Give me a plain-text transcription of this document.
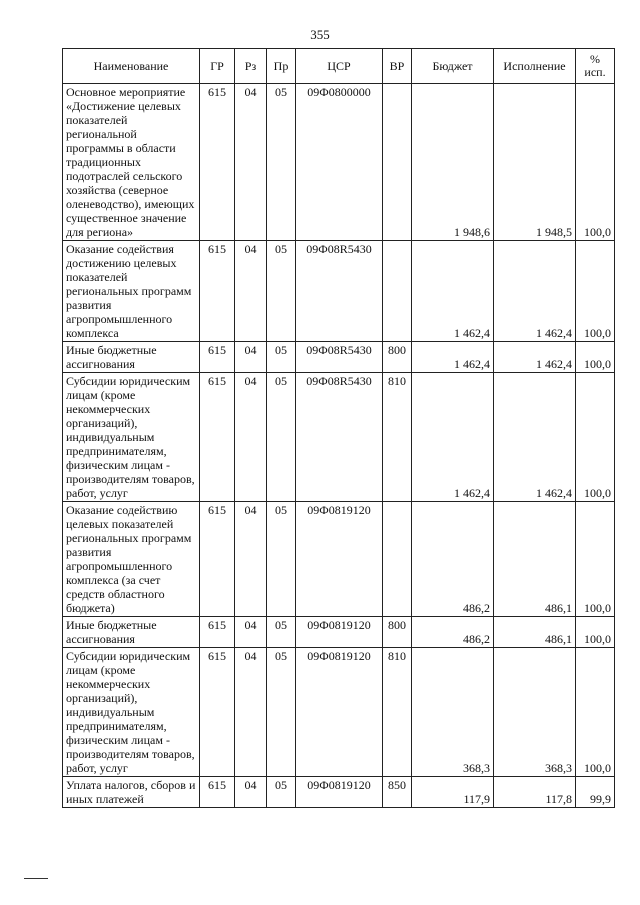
355
Наименование	ГР	Рз	Пр	ЦСР	ВР	Бюджет	Исполнение	%
исп.

Основное мероприятие «Достижение целевых показателей региональной программы в области традиционных подотраслей сельского хозяйства (северное оленеводство), имеющих существенное значение для региона»	615	04	05	09Ф0800000		1 948,6	1 948,5	100,0
Оказание содействия достижению целевых показателей региональных программ развития агропромышленного комплекса	615	04	05	09Ф08R5430		1 462,4	1 462,4	100,0
Иные бюджетные ассигнования	615	04	05	09Ф08R5430	800	1 462,4	1 462,4	100,0
Субсидии юридическим лицам (кроме некоммерческих организаций), индивидуальным предпринимателям, физическим лицам - производителям товаров, работ, услуг	615	04	05	09Ф08R5430	810	1 462,4	1 462,4	100,0
Оказание содействию целевых показателей региональных программ развития агропромышленного комплекса (за счет средств областного бюджета)	615	04	05	09Ф0819120		486,2	486,1	100,0
Иные бюджетные ассигнования	615	04	05	09Ф0819120	800	486,2	486,1	100,0
Субсидии юридическим лицам (кроме некоммерческих организаций), индивидуальным предпринимателям, физическим лицам - производителям товаров, работ, услуг	615	04	05	09Ф0819120	810	368,3	368,3	100,0
Уплата налогов, сборов и иных платежей	615	04	05	09Ф0819120	850	117,9	117,8	99,9
